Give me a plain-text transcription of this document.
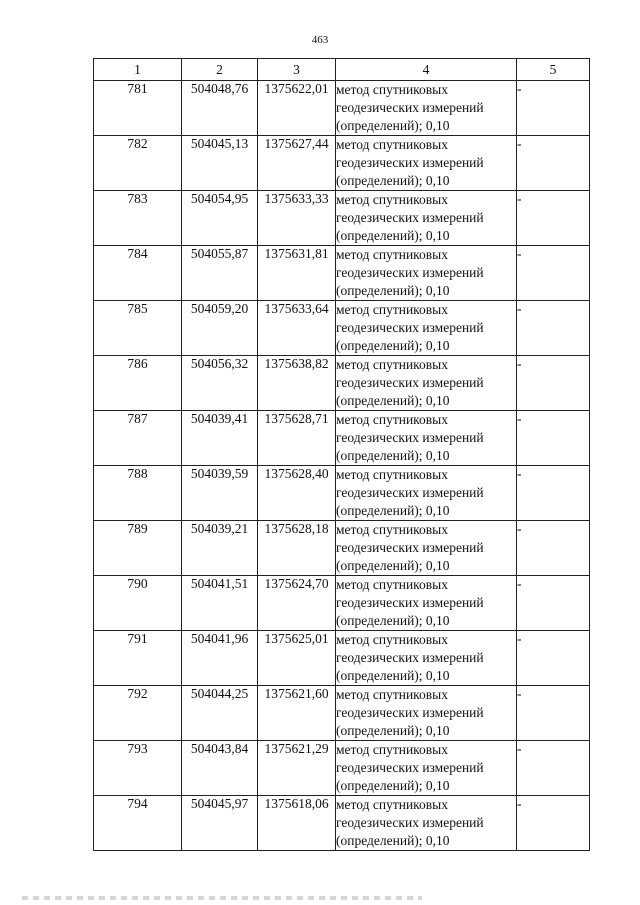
463
1	2	3	4	5
781	504048,76	1375622,01	метод спутниковых
геодезических измерений
(определений); 0,10	-
782	504045,13	1375627,44	метод спутниковых
геодезических измерений
(определений); 0,10	-
783	504054,95	1375633,33	метод спутниковых
геодезических измерений
(определений); 0,10	-
784	504055,87	1375631,81	метод спутниковых
геодезических измерений
(определений); 0,10	-
785	504059,20	1375633,64	метод спутниковых
геодезических измерений
(определений); 0,10	-
786	504056,32	1375638,82	метод спутниковых
геодезических измерений
(определений); 0,10	-
787	504039,41	1375628,71	метод спутниковых
геодезических измерений
(определений); 0,10	-
788	504039,59	1375628,40	метод спутниковых
геодезических измерений
(определений); 0,10	-
789	504039,21	1375628,18	метод спутниковых
геодезических измерений
(определений); 0,10	-
790	504041,51	1375624,70	метод спутниковых
геодезических измерений
(определений); 0,10	-
791	504041,96	1375625,01	метод спутниковых
геодезических измерений
(определений); 0,10	-
792	504044,25	1375621,60	метод спутниковых
геодезических измерений
(определений); 0,10	-
793	504043,84	1375621,29	метод спутниковых
геодезических измерений
(определений); 0,10	-
794	504045,97	1375618,06	метод спутниковых
геодезических измерений
(определений); 0,10	-
